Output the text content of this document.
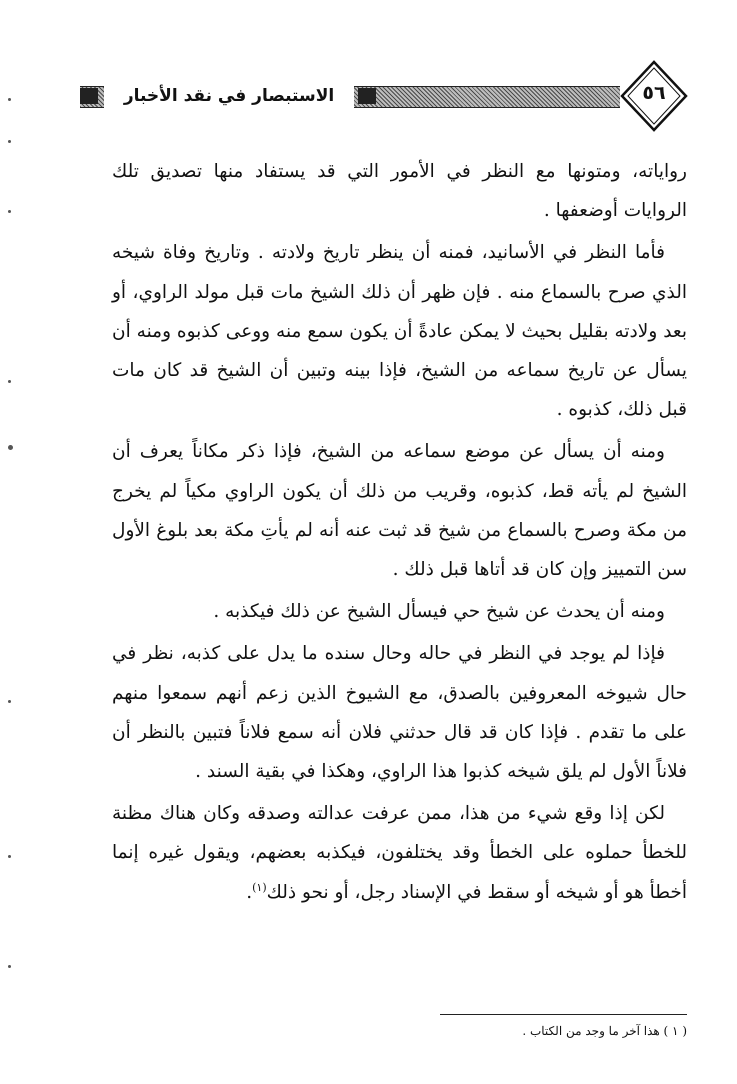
الاستبصار في نقد الأخبار	٥٦

رواياته، ومتونها مع النظر في الأمور التي قد يستفاد منها تصديق تلك الروايات أوضعفها .

فأما النظر في الأسانيد، فمنه أن ينظر تاريخ ولادته . وتاريخ وفاة شيخه الذي صرح بالسماع منه . فإن ظهر أن ذلك الشيخ مات قبل مولد الراوي، أو بعد ولادته بقليل بحيث لا يمكن عادةً أن يكون سمع منه ووعى كذبوه ومنه أن يسأل عن تاريخ سماعه من الشيخ، فإذا بينه وتبين أن الشيخ قد كان مات قبل ذلك، كذبوه .

ومنه أن يسأل عن موضع سماعه من الشيخ، فإذا ذكر مكاناً يعرف أن الشيخ لم يأته قط، كذبوه، وقريب من ذلك أن يكون الراوي مكياً لم يخرج من مكة وصرح بالسماع من شيخ قد ثبت عنه أنه لم يأتِ مكة بعد بلوغ الأول سن التمييز وإن كان قد أتاها قبل ذلك .

ومنه أن يحدث عن شيخ حي فيسأل الشيخ عن ذلك فيكذبه .

فإذا لم يوجد في النظر في حاله وحال سنده ما يدل على كذبه، نظر في حال شيوخه المعروفين بالصدق، مع الشيوخ الذين زعم أنهم سمعوا منهم على ما تقدم . فإذا كان قد قال حدثني فلان أنه سمع فلاناً فتبين بالنظر أن فلاناً الأول لم يلق شيخه كذبوا هذا الراوي، وهكذا في بقية السند .

لكن إذا وقع شيء من هذا، ممن عرفت عدالته وصدقه وكان هناك مظنة للخطأ حملوه على الخطأ وقد يختلفون، فيكذبه بعضهم، ويقول غيره إنما أخطأ هو أو شيخه أو سقط في الإسناد رجل، أو نحو ذلك$^{(١)}$.

( ١ ) هذا آخر ما وجد من الكتاب .
